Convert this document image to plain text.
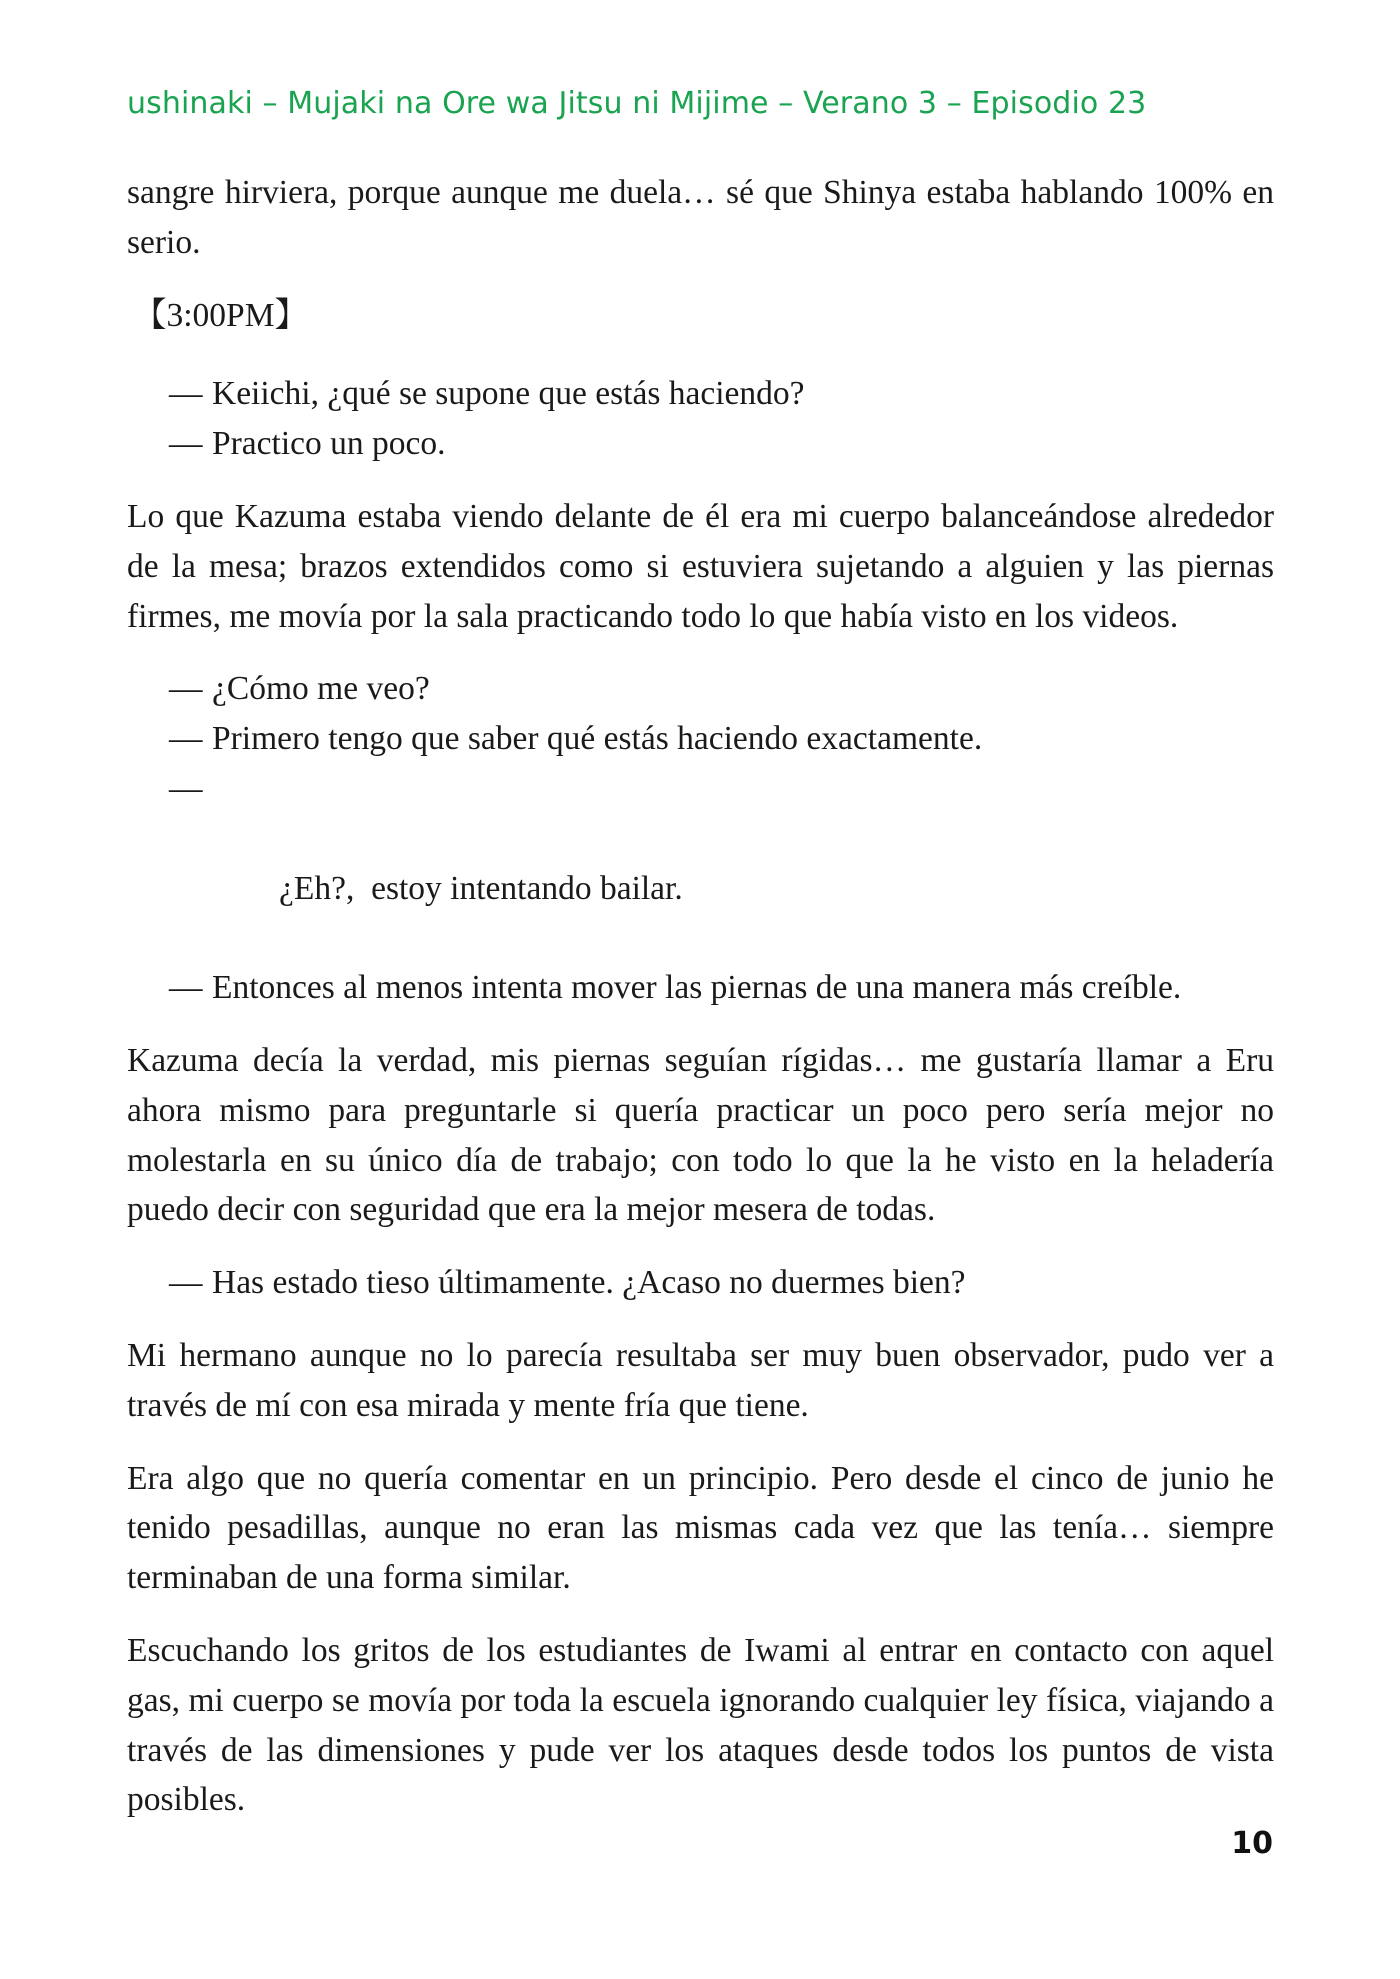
ushinaki – Mujaki na Ore wa Jitsu ni Mijime – Verano 3 – Episodio 23

sangre hirviera, porque aunque me duela… sé que Shinya estaba hablando 100% en serio.

【3:00PM】

— Keiichi, ¿qué se supone que estás haciendo?
— Practico un poco.

Lo que Kazuma estaba viendo delante de él era mi cuerpo balanceándose alrededor de la mesa; brazos extendidos como si estuviera sujetando a alguien y las piernas firmes, me movía por la sala practicando todo lo que había visto en los videos.

— ¿Cómo me veo?
— Primero tengo que saber qué estás haciendo exactamente.

—

¿Eh?,  estoy intentando bailar.

— Entonces al menos intenta mover las piernas de una manera más creíble.

Kazuma decía la verdad, mis piernas seguían rígidas… me gustaría llamar a Eru ahora mismo para preguntarle si quería practicar un poco pero sería mejor no molestarla en su único día de trabajo; con todo lo que la he visto en la heladería puedo decir con seguridad que era la mejor mesera de todas.

— Has estado tieso últimamente. ¿Acaso no duermes bien?

Mi hermano aunque no lo parecía resultaba ser muy buen observador, pudo ver a través de mí con esa mirada y mente fría que tiene.

Era algo que no quería comentar en un principio. Pero desde el cinco de junio he tenido pesadillas, aunque no eran las mismas cada vez que las tenía… siempre terminaban de una forma similar.

Escuchando los gritos de los estudiantes de Iwami al entrar en contacto con aquel gas, mi cuerpo se movía por toda la escuela ignorando cualquier ley física, viajando a través de las dimensiones y pude ver los ataques desde todos los puntos de vista posibles.

10
